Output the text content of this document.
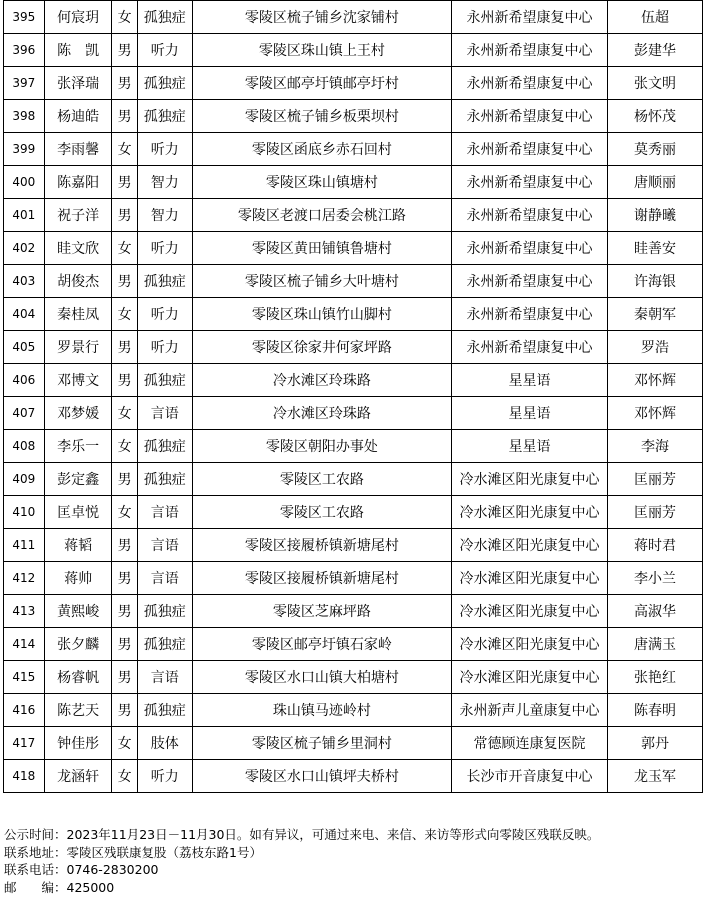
395	何宸玥	女	孤独症	零陵区梳子铺乡沈家铺村	永州新希望康复中心	伍超
396	陈　凯	男	听力	零陵区珠山镇上王村	永州新希望康复中心	彭建华
397	张泽瑞	男	孤独症	零陵区邮亭圩镇邮亭圩村	永州新希望康复中心	张文明
398	杨迪皓	男	孤独症	零陵区梳子铺乡板栗坝村	永州新希望康复中心	杨怀茂
399	李雨馨	女	听力	零陵区函底乡赤石回村	永州新希望康复中心	莫秀丽
400	陈嘉阳	男	智力	零陵区珠山镇塘村	永州新希望康复中心	唐顺丽
401	祝子洋	男	智力	零陵区老渡口居委会桃江路	永州新希望康复中心	谢静曦
402	眭文欣	女	听力	零陵区黄田铺镇鲁塘村	永州新希望康复中心	眭善安
403	胡俊杰	男	孤独症	零陵区梳子铺乡大叶塘村	永州新希望康复中心	许海银
404	秦桂凤	女	听力	零陵区珠山镇竹山脚村	永州新希望康复中心	秦朝军
405	罗景行	男	听力	零陵区徐家井何家坪路	永州新希望康复中心	罗浩
406	邓博文	男	孤独症	冷水滩区玲珠路	星星语	邓怀辉
407	邓梦媛	女	言语	冷水滩区玲珠路	星星语	邓怀辉
408	李乐一	女	孤独症	零陵区朝阳办事处	星星语	李海
409	彭定鑫	男	孤独症	零陵区工农路	冷水滩区阳光康复中心	匡丽芳
410	匡卓悦	女	言语	零陵区工农路	冷水滩区阳光康复中心	匡丽芳
411	蒋韬	男	言语	零陵区接履桥镇新塘尾村	冷水滩区阳光康复中心	蒋时君
412	蒋帅	男	言语	零陵区接履桥镇新塘尾村	冷水滩区阳光康复中心	李小兰
413	黄熙峻	男	孤独症	零陵区芝麻坪路	冷水滩区阳光康复中心	高淑华
414	张夕麟	男	孤独症	零陵区邮亭圩镇石家岭	冷水滩区阳光康复中心	唐满玉
415	杨睿帆	男	言语	零陵区水口山镇大柏塘村	冷水滩区阳光康复中心	张艳红
416	陈艺天	男	孤独症	珠山镇马迹岭村	永州新声儿童康复中心	陈春明
417	钟佳彤	女	肢体	零陵区梳子铺乡里洞村	常德顾连康复医院	郭丹
418	龙涵轩	女	听力	零陵区水口山镇坪夫桥村	长沙市开音康复中心	龙玉军
公示时间：2023年11月23日－11月30日。如有异议，可通过来电、来信、来访等形式向零陵区残联反映。
联系地址：零陵区残联康复股（荔枝东路1号）
联系电话：0746-2830200
邮　　编：425000
